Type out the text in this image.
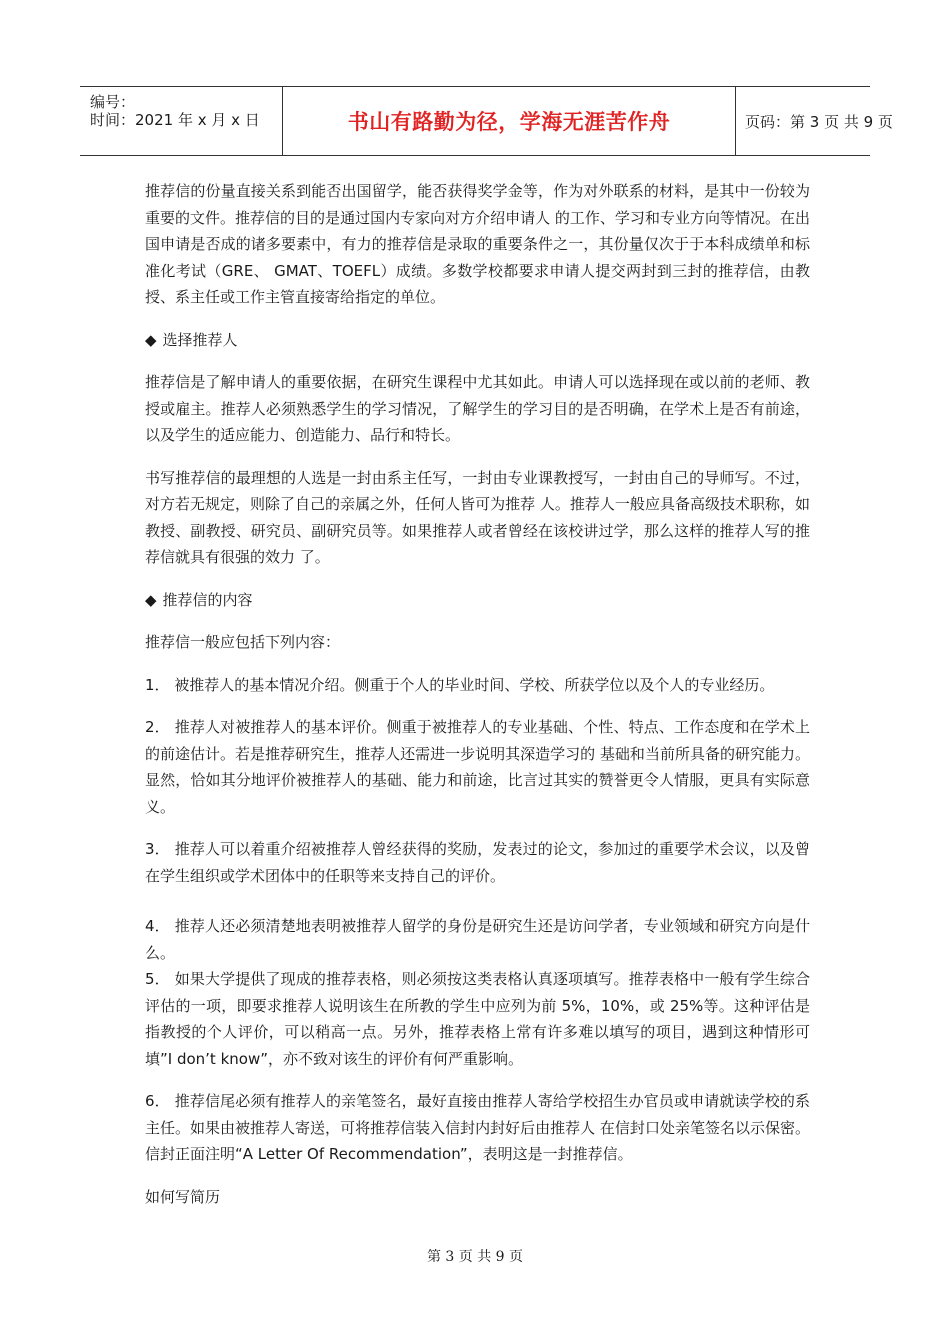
编号：
时间：2021 年 x 月 x 日	书山有路勤为径，学海无涯苦作舟	页码：第 3 页 共 9 页

推荐信的份量直接关系到能否出国留学，能否获得奖学金等，作为对外联系的材料，是其中一份较为重要的文件。推荐信的目的是通过国内专家向对方介绍申请人 的工作、学习和专业方向等情况。在出国申请是否成的诸多要素中，有力的推荐信是录取的重要条件之一，其份量仅次于于本科成绩单和标准化考试（GRE、 GMAT、TOEFL）成绩。多数学校都要求申请人提交两封到三封的推荐信，由教授、系主任或工作主管直接寄给指定的单位。

◆ 选择推荐人

推荐信是了解申请人的重要依据，在研究生课程中尤其如此。申请人可以选择现在或以前的老师、教授或雇主。推荐人必须熟悉学生的学习情况，了解学生的学习目的是否明确，在学术上是否有前途，以及学生的适应能力、创造能力、品行和特长。

书写推荐信的最理想的人选是一封由系主任写，一封由专业课教授写，一封由自己的导师写。不过，对方若无规定，则除了自己的亲属之外，任何人皆可为推荐 人。推荐人一般应具备高级技术职称，如教授、副教授、研究员、副研究员等。如果推荐人或者曾经在该校讲过学，那么这样的推荐人写的推荐信就具有很强的效力 了。

◆ 推荐信的内容

推荐信一般应包括下列内容：

1． 被推荐人的基本情况介绍。侧重于个人的毕业时间、学校、所获学位以及个人的专业经历。

2． 推荐人对被推荐人的基本评价。侧重于被推荐人的专业基础、个性、特点、工作态度和在学术上的前途估计。若是推荐研究生，推荐人还需进一步说明其深造学习的 基础和当前所具备的研究能力。显然，恰如其分地评价被推荐人的基础、能力和前途，比言过其实的赞誉更令人情服，更具有实际意义。

3． 推荐人可以着重介绍被推荐人曾经获得的奖励，发表过的论文，参加过的重要学术会议，以及曾在学生组织或学术团体中的任职等来支持自己的评价。

4． 推荐人还必须清楚地表明被推荐人留学的身份是研究生还是访问学者，专业领域和研究方向是什么。

5． 如果大学提供了现成的推荐表格，则必须按这类表格认真逐项填写。推荐表格中一般有学生综合评估的一项，即要求推荐人说明该生在所教的学生中应列为前 5%，10%，或 25%等。这种评估是指教授的个人评价，可以稍高一点。另外，推荐表格上常有许多难以填写的项目，遇到这种情形可填”I don’t know”，亦不致对该生的评价有何严重影响。

6． 推荐信尾必须有推荐人的亲笔签名，最好直接由推荐人寄给学校招生办官员或申请就读学校的系主任。如果由被推荐人寄送，可将推荐信装入信封内封好后由推荐人 在信封口处亲笔签名以示保密。信封正面注明“A Letter Of Recommendation”，表明这是一封推荐信。

如何写简历

第 3 页 共 9 页
